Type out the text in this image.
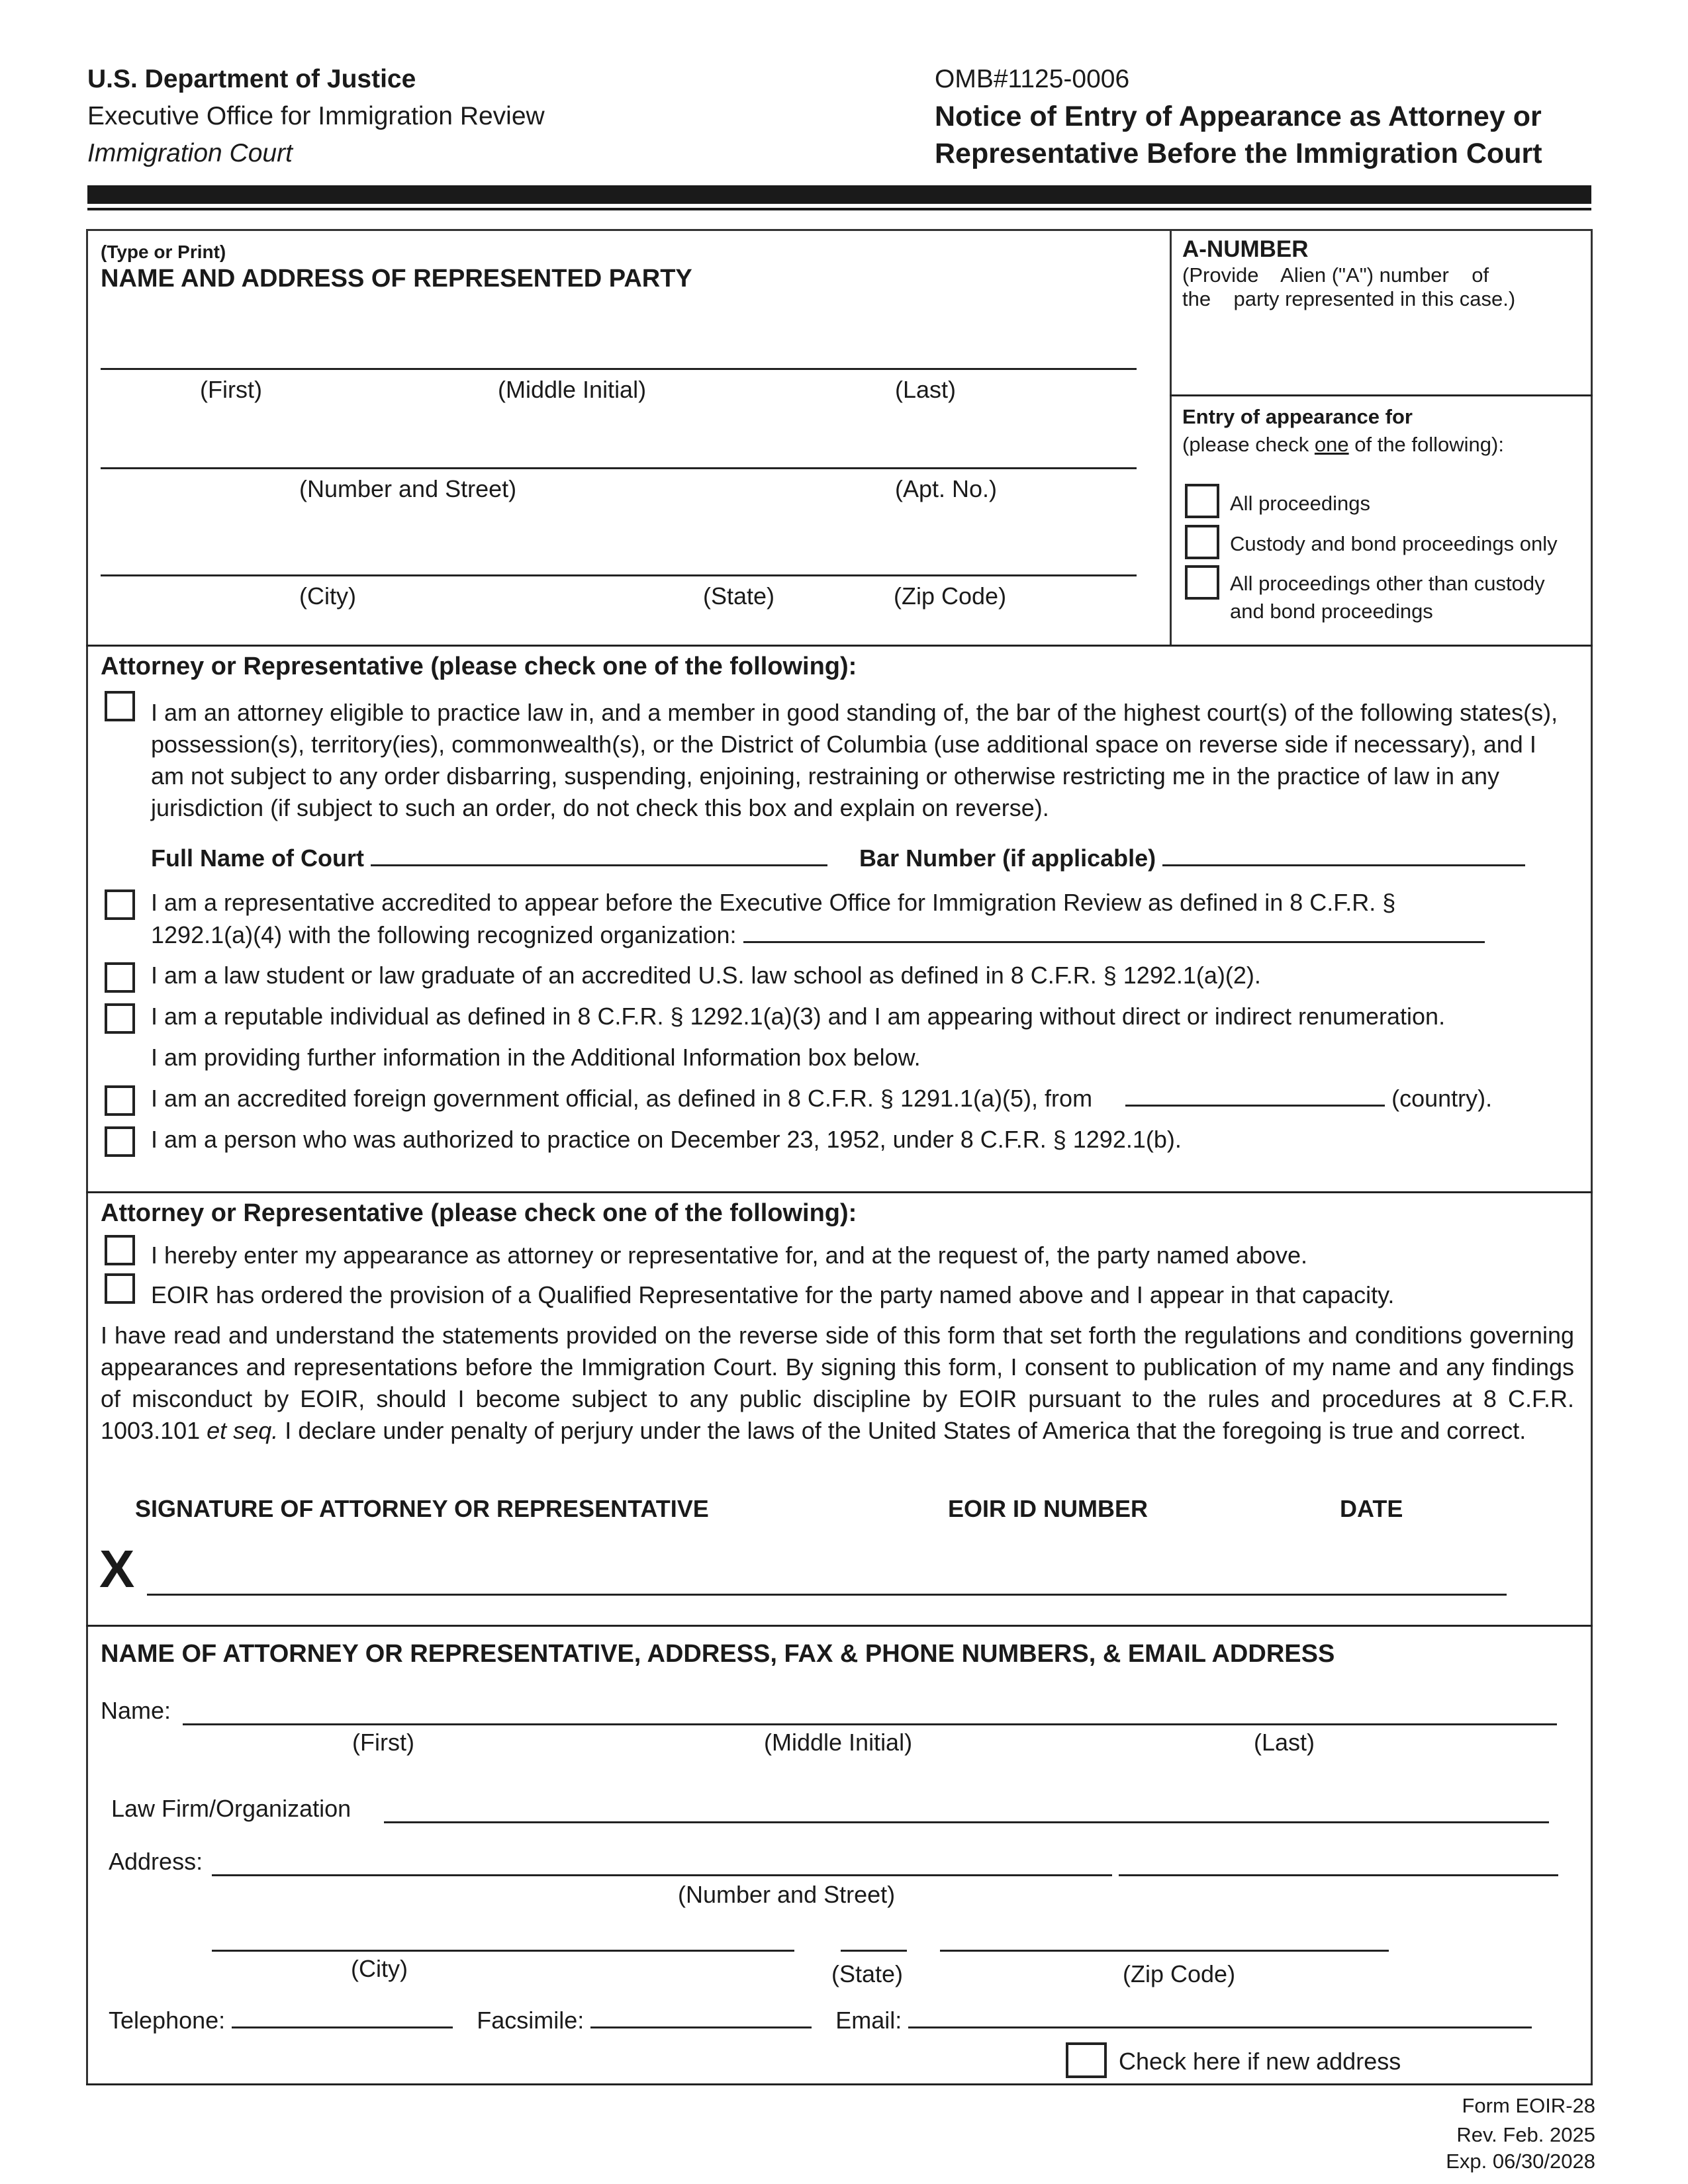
U.S. Department of Justice
Executive Office for Immigration Review
Immigration Court
OMB#1125-0006
Notice of Entry of Appearance as Attorney or
Representative Before the Immigration Court
(Type or Print)
NAME AND ADDRESS OF REPRESENTED PARTY
(First)	(Middle Initial)	(Last)
(Number and Street)	(Apt. No.)
(City)	(State)	(Zip Code)
A-NUMBER
(Provide    Alien ("A") number    of
the    party represented in this case.)
Entry of appearance for
(please check one of the following):
All proceedings
Custody and bond proceedings only
All proceedings other than custody
and bond proceedings
Attorney or Representative (please check one of the following):
I am an attorney eligible to practice law in, and a member in good standing of, the bar of the highest court(s) of the following states(s), possession(s), territory(ies), commonwealth(s), or the District of Columbia (use additional space on reverse side if necessary), and I am not subject to any order disbarring, suspending, enjoining, restraining or otherwise restricting me in the practice of law in any jurisdiction (if subject to such an order, do not check this box and explain on reverse).
Full Name of Court	Bar Number (if applicable)
I am a representative accredited to appear before the Executive Office for Immigration Review as defined in 8 C.F.R. §
1292.1(a)(4) with the following recognized organization:
I am a law student or law graduate of an accredited U.S. law school as defined in 8 C.F.R. § 1292.1(a)(2).
I am a reputable individual as defined in 8 C.F.R. § 1292.1(a)(3) and I am appearing without direct or indirect renumeration.
I am providing further information in the Additional Information box below.
I am an accredited foreign government official, as defined in 8 C.F.R. § 1291.1(a)(5), from	(country).
I am a person who was authorized to practice on December 23, 1952, under 8 C.F.R. § 1292.1(b).
Attorney or Representative (please check one of the following):
I hereby enter my appearance as attorney or representative for, and at the request of, the party named above.
EOIR has ordered the provision of a Qualified Representative for the party named above and I appear in that capacity.
I have read and understand the statements provided on the reverse side of this form that set forth the regulations and conditions governing appearances and representations before the Immigration Court. By signing this form, I consent to publication of my name and any findings of misconduct by EOIR, should I become subject to any public discipline by EOIR pursuant to the rules and procedures at 8 C.F.R. 1003.101 et seq. I declare under penalty of perjury under the laws of the United States of America that the foregoing is true and correct.
SIGNATURE OF ATTORNEY OR REPRESENTATIVE	EOIR ID NUMBER	DATE
X
NAME OF ATTORNEY OR REPRESENTATIVE, ADDRESS, FAX & PHONE NUMBERS, & EMAIL ADDRESS
Name:
(First)	(Middle Initial)	(Last)
Law Firm/Organization
Address:
(Number and Street)
(City)	(State)	(Zip Code)
Telephone:	Facsimile:	Email:
Check here if new address
Form EOIR-28
Rev. Feb. 2025
Exp. 06/30/2028
